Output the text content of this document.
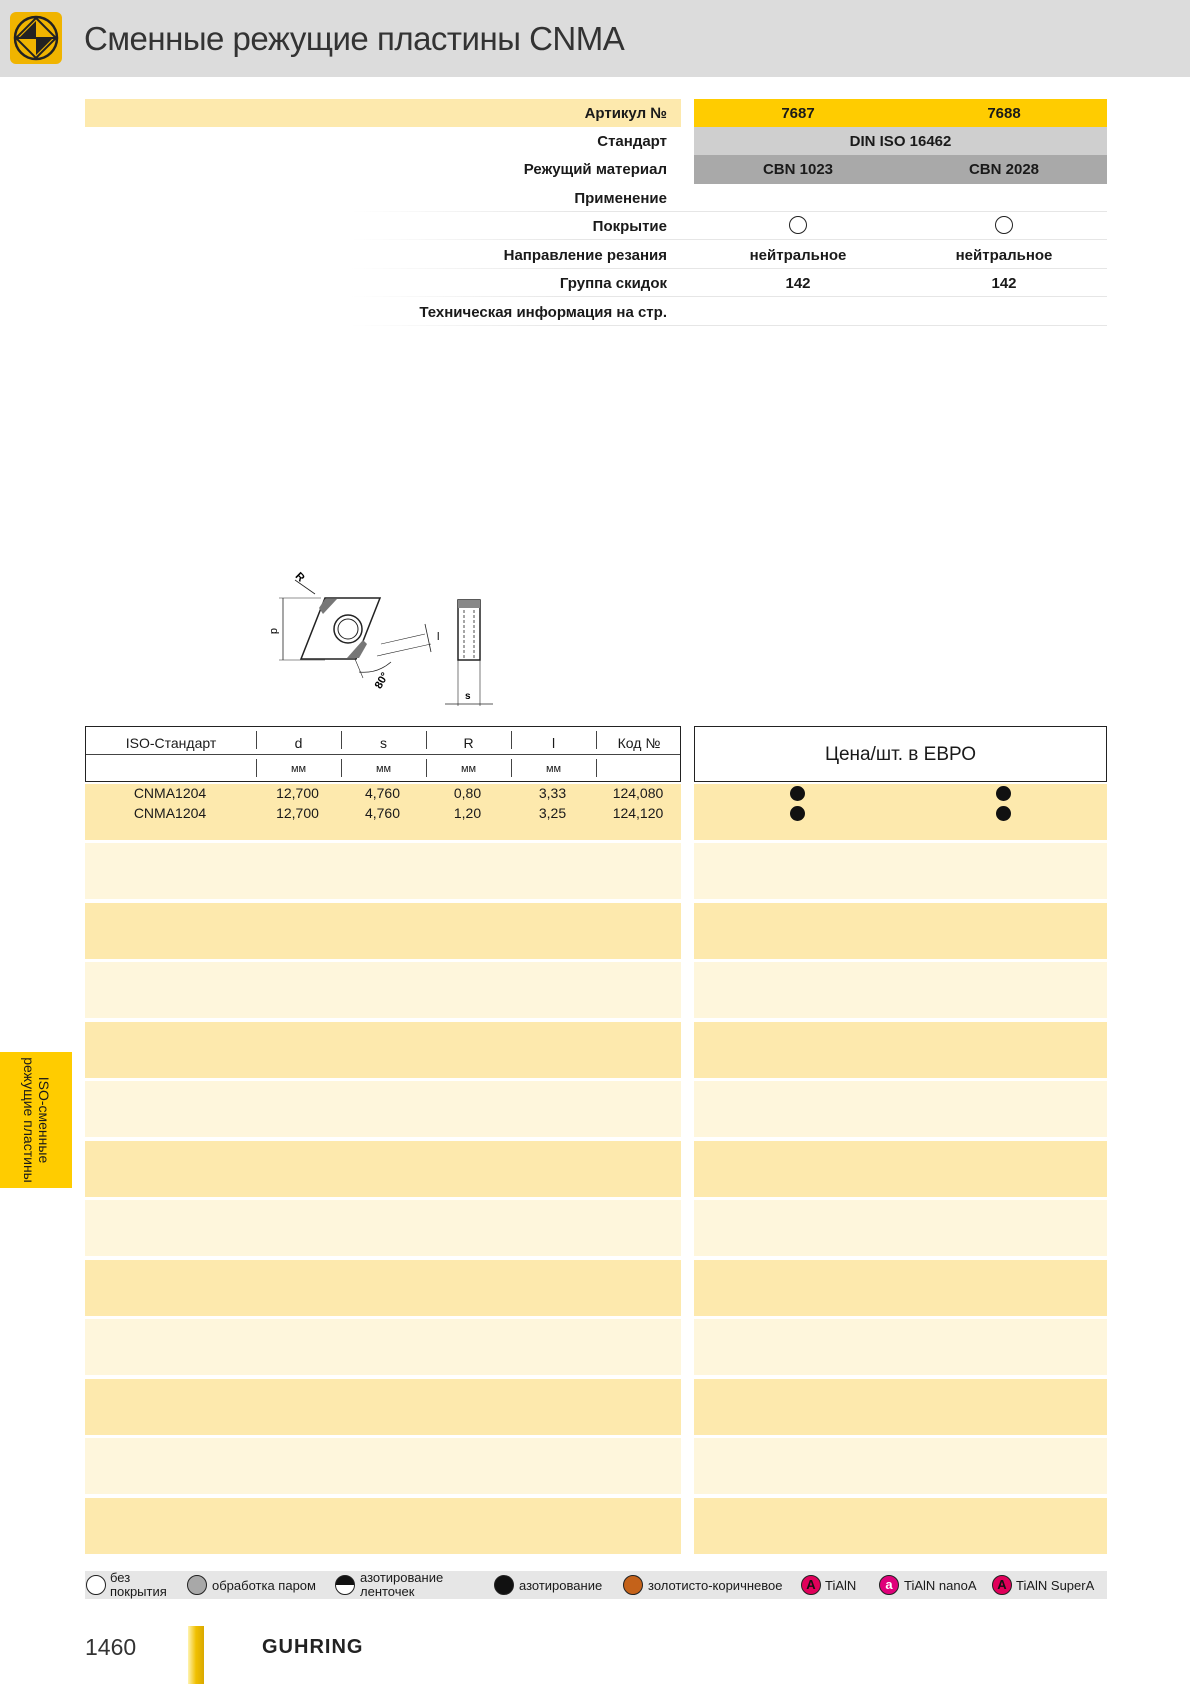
Сменные режущие пластины CNMA
Артикул №	7687	7688
Стандарт	DIN ISO 16462
Режущий материал	CBN 1023	CBN 2028
Применение
Покрытие
Направление резания	нейтральное	нейтральное
Группа скидок	142	142
Техническая информация на стр.
d
R
l
80°
s
ISO-Стандарт	d	s	R	l	Код №
мм	мм	мм	мм
Цена/шт. в ЕВРО
CNMA1204	12,700	4,760	0,80	3,33	124,080
CNMA1204	12,700	4,760	1,20	3,25	124,120
без
покрытия	обработка паром
азотирование
ленточек	азотирование	золотисто-коричневое	A TiAlN	a TiAlN nanoA	A TiAlN SuperA
ISO-сменные
режущие пластины
1460	GUHRING
